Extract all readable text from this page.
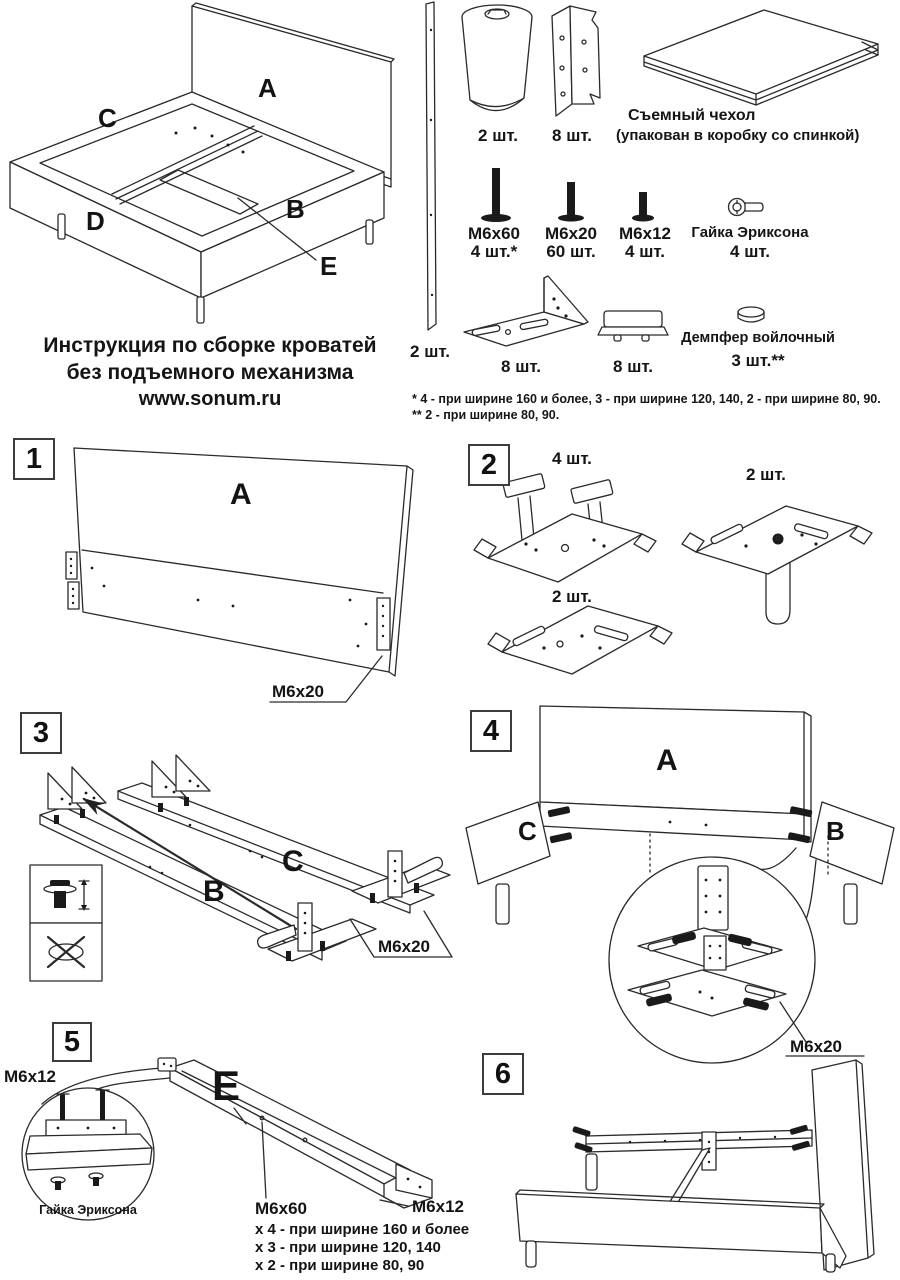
A
C
D	B
E
Инструкция по сборке кроватей
без подъемного механизма
www.sonum.ru
2 шт.
2 шт.	8 шт.
Съемный чехол
(упакован в коробку со спинкой)
M6x60
4 шт.*
M6x20
60 шт.
M6x12
4 шт.
Гайка Эриксона
4 шт.
8 шт.	8 шт.
Демпфер войлочный
3 шт.**
* 4 - при ширине 160 и более, 3 - при ширине 120, 140, 2 - при ширине 80, 90.
** 2 - при ширине 80, 90.
1
A
M6x20
2	4 шт.
2 шт.
2 шт.
3
C
B
M6x20
4
A
C	B
M6x20
5
M6x12	E
Гайка Эриксона	M6x12
M6x60
x 4 - при ширине 160 и более
x 3 - при ширине 120, 140
x 2 - при ширине 80, 90
6
